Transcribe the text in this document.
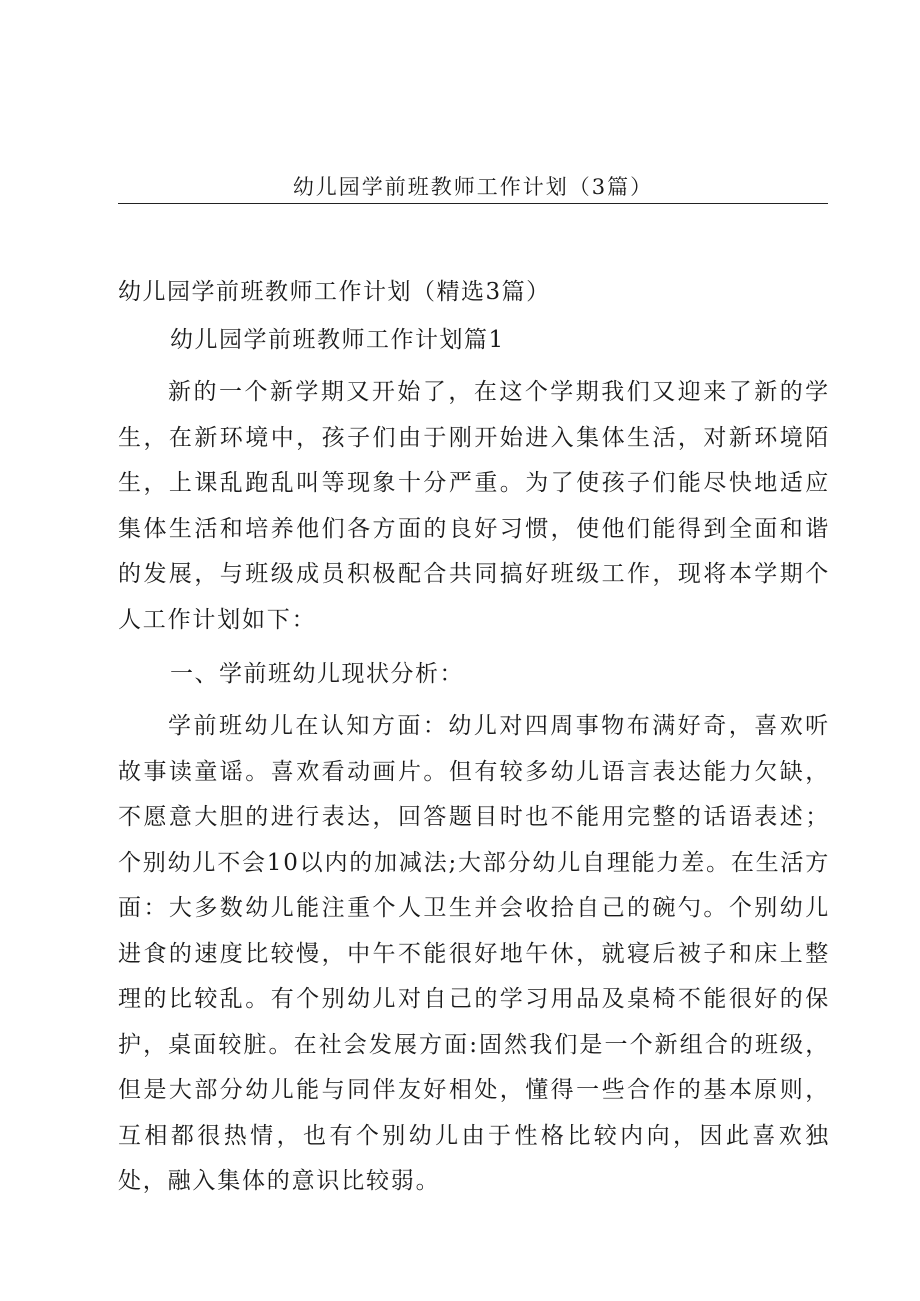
幼儿园学前班教师工作计划（3篇）
幼儿园学前班教师工作计划（精选3篇）
幼儿园学前班教师工作计划篇1

新的一个新学期又开始了，在这个学期我们又迎来了新的学生，在新环境中，孩子们由于刚开始进入集体生活，对新环境陌生，上课乱跑乱叫等现象十分严重。为了使孩子们能尽快地适应集体生活和培养他们各方面的良好习惯，使他们能得到全面和谐的发展，与班级成员积极配合共同搞好班级工作，现将本学期个人工作计划如下：

一、学前班幼儿现状分析：

学前班幼儿在认知方面：幼儿对四周事物布满好奇，喜欢听故事读童谣。喜欢看动画片。但有较多幼儿语言表达能力欠缺，不愿意大胆的进行表达，回答题目时也不能用完整的话语表述；个别幼儿不会10以内的加减法;大部分幼儿自理能力差。在生活方面：大多数幼儿能注重个人卫生并会收拾自己的碗勺。个别幼儿进食的速度比较慢，中午不能很好地午休，就寝后被子和床上整理的比较乱。有个别幼儿对自己的学习用品及桌椅不能很好的保护，桌面较脏。在社会发展方面:固然我们是一个新组合的班级，但是大部分幼儿能与同伴友好相处，懂得一些合作的基本原则，互相都很热情，也有个别幼儿由于性格比较内向，因此喜欢独处，融入集体的意识比较弱。
